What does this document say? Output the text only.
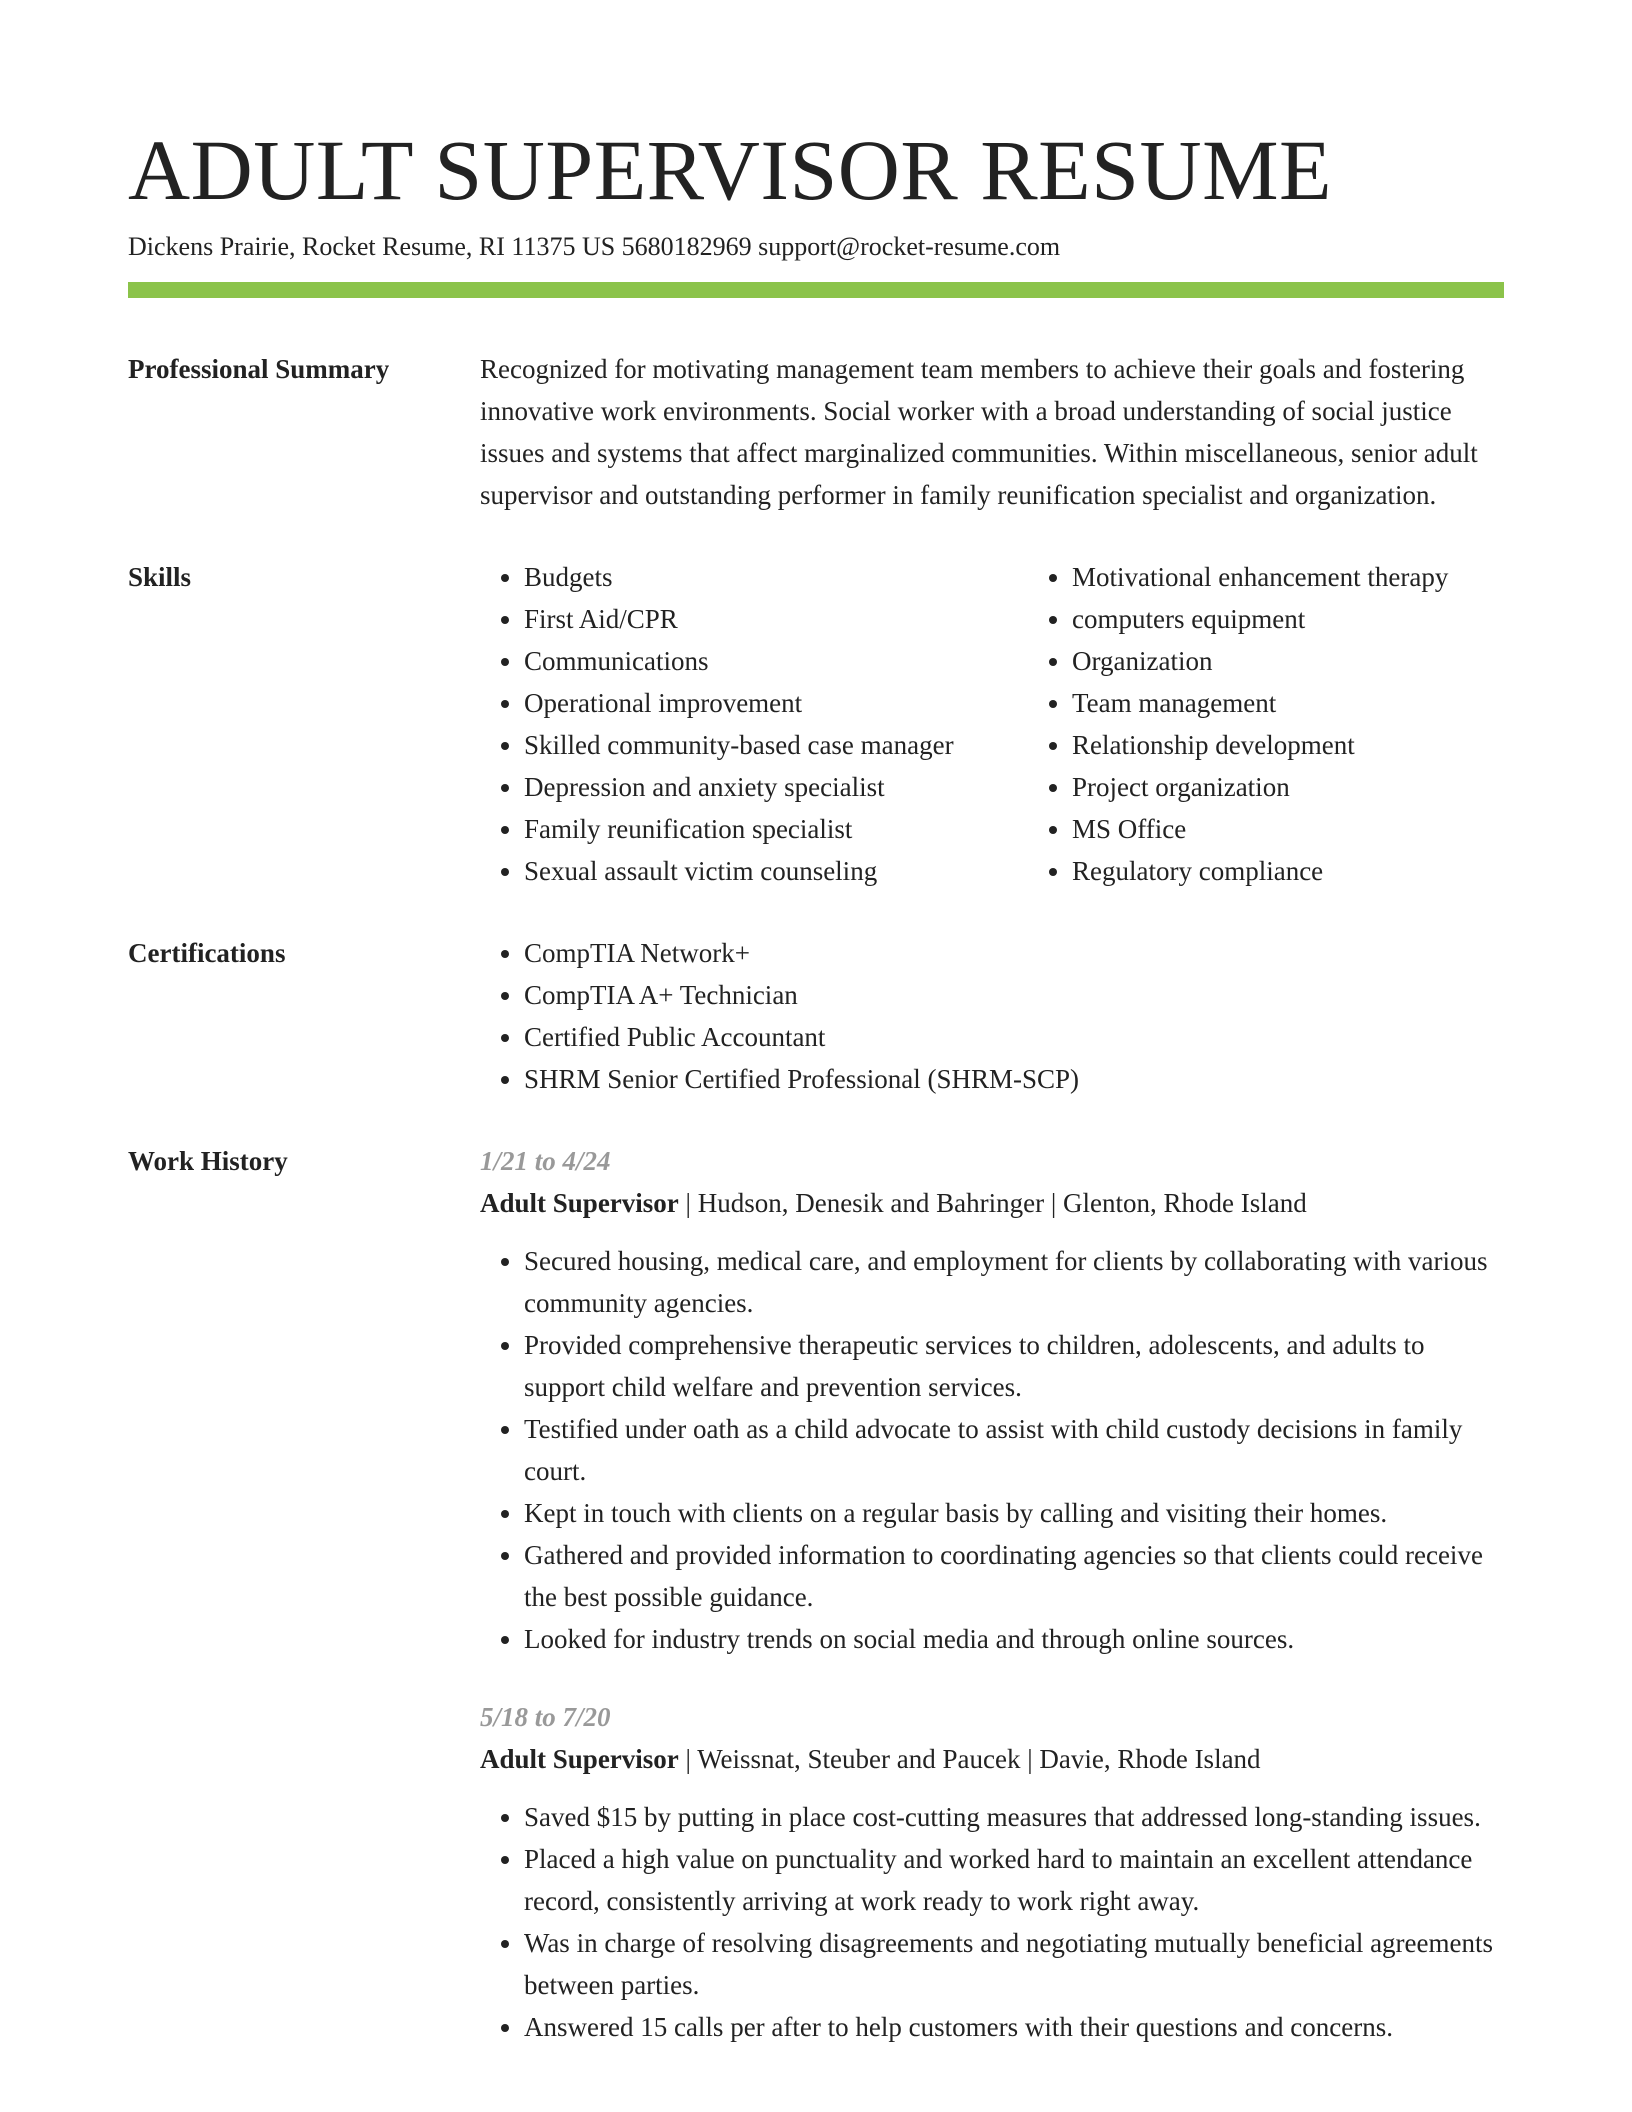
ADULT SUPERVISOR RESUME
Dickens Prairie, Rocket Resume, RI 11375 US 5680182969 support@rocket-resume.com
Professional Summary	Recognized for motivating management team members to achieve their goals and fostering innovative work environments. Social worker with a broad understanding of social justice issues and systems that affect marginalized communities. Within miscellaneous, senior adult supervisor and outstanding performer in family reunification specialist and organization.

Skills	• Budgets
• First Aid/CPR
• Communications
• Operational improvement
• Skilled community-based case manager
• Depression and anxiety specialist
• Family reunification specialist
• Sexual assault victim counseling
• Motivational enhancement therapy
• computers equipment
• Organization
• Team management
• Relationship development
• Project organization
• MS Office
• Regulatory compliance
Certifications	• CompTIA Network+
• CompTIA A+ Technician
• Certified Public Accountant
• SHRM Senior Certified Professional (SHRM-SCP)
Work History	1/21 to 4/24
Adult Supervisor | Hudson, Denesik and Bahringer | Glenton, Rhode Island
• Secured housing, medical care, and employment for clients by collaborating with various community agencies.
• Provided comprehensive therapeutic services to children, adolescents, and adults to support child welfare and prevention services.
• Testified under oath as a child advocate to assist with child custody decisions in family court.
• Kept in touch with clients on a regular basis by calling and visiting their homes.
• Gathered and provided information to coordinating agencies so that clients could receive the best possible guidance.
• Looked for industry trends on social media and through online sources.
5/18 to 7/20
Adult Supervisor | Weissnat, Steuber and Paucek | Davie, Rhode Island
• Saved $15 by putting in place cost-cutting measures that addressed long-standing issues.
• Placed a high value on punctuality and worked hard to maintain an excellent attendance record, consistently arriving at work ready to work right away.
• Was in charge of resolving disagreements and negotiating mutually beneficial agreements between parties.
• Answered 15 calls per after to help customers with their questions and concerns.
